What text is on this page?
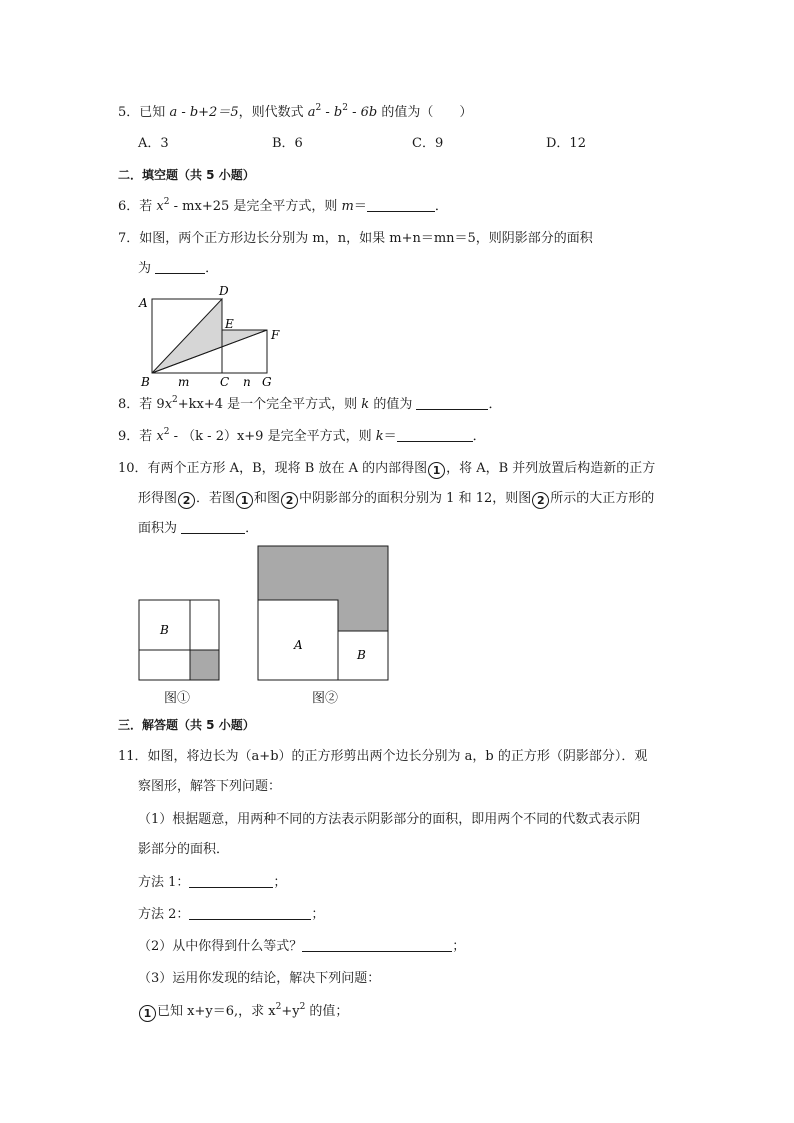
5．已知 a - b+2＝5，则代数式 $a^2 - b^2 - 6b$ 的值为（　　）
A．3	B．6	C．9	D．12
二．填空题（共 5 小题）
6．若 $x^2 - mx+25$ 是完全平方式，则 m＝	．
7．如图，两个正方形边长分别为 m，n，如果 m+n＝mn＝5，则阴影部分的面积
为	．
A
D
E
F
B m	C n G
8．若 $9x^2+kx+4$ 是一个完全平方式，则 k 的值为	．
9．若 $x^2 - (k - 2)x+9$ 是完全平方式，则 k＝	．
10．有两个正方形 A，B，现将 B 放在 A 的内部得图 1 ，将 A，B 并列放置后构造新的正方
形得图 2 ．若图 1 和图 2 中阴影部分的面积分别为 1 和 12，则图 2 所示的大正方形的
面积为	．
B
图①
A
B
图②
三．解答题（共 5 小题）
11．如图，将边长为（a+b）的正方形剪出两个边长分别为 a，b 的正方形（阴影部分）．观
察图形，解答下列问题：
（1）根据题意，用两种不同的方法表示阴影部分的面积，即用两个不同的代数式表示阴
影部分的面积．
方法 1：	；
方法 2：	；
（2）从中你得到什么等式？	；
（3）运用你发现的结论，解决下列问题：
1 已知 x+y＝6,，求 $x^2+y^2$ 的值；
